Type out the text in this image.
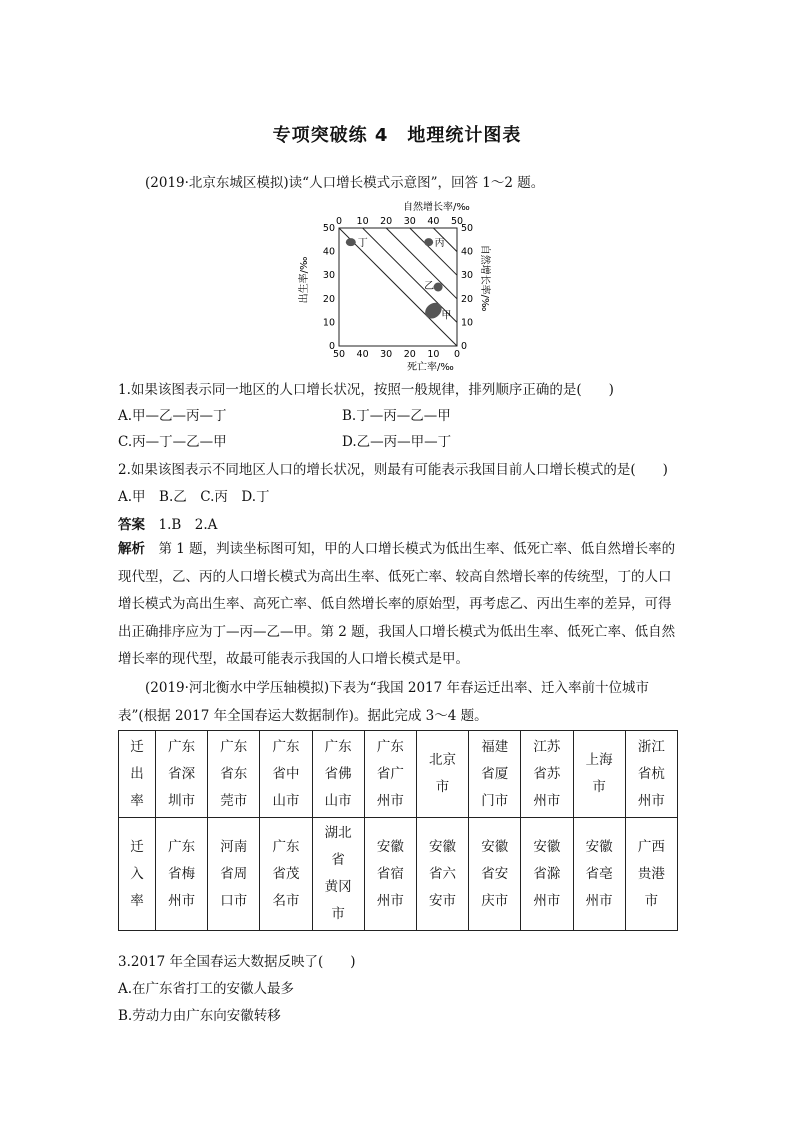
专项突破练 4　地理统计图表
(2019·北京东城区模拟)读“人口增长模式示意图”，回答 1～2 题。
自然增长率/‰
出生率/‰	自然增长率/‰
死亡率/‰
50 40 30 20 10 0
0
10
20
30
40
50
0 10 20 30 40 50
0
10
20
30
40
50
丁	丙
乙
甲
1.如果该图表示同一地区的人口增长状况，按照一般规律，排列顺序正确的是(　　)
A.甲—乙—丙—丁	B.丁—丙—乙—甲
C.丙—丁—乙—甲	D.乙—丙—甲—丁
2.如果该图表示不同地区人口的增长状况，则最有可能表示我国目前人口增长模式的是(　　)
A.甲　B.乙　C.丙　D.丁
答案　 1.B　2.A
解析　 第 1 题，判读坐标图可知，甲的人口增长模式为低出生率、低死亡率、低自然增长率的现代型，乙、丙的人口增长模式为高出生率、低死亡率、较高自然增长率的传统型，丁的人口增长模式为高出生率、高死亡率、低自然增长率的原始型，再考虑乙、丙出生率的差异，可得出正确排序应为丁—丙—乙—甲。第 2 题，我国人口增长模式为低出生率、低死亡率、低自然增长率的现代型，故最可能表示我国的人口增长模式是甲。
(2019·河北衡水中学压轴模拟)下表为“我国 2017 年春运迁出率、迁入率前十位城市表”(根据 2017 年全国春运大数据制作)。据此完成 3～4 题。
迁
出
率	广东
省深
圳市	广东
省东
莞市	广东
省中
山市	广东
省佛
山市	广东
省广
州市	北京
市	福建
省厦
门市	江苏
省苏
州市	上海
市	浙江
省杭
州市
迁
入
率	广东
省梅
州市	河南
省周
口市	广东
省茂
名市	湖北
省
黄冈
市	安徽
省宿
州市	安徽
省六
安市	安徽
省安
庆市	安徽
省滁
州市	安徽
省亳
州市	广西
贵港
市
3.2017 年全国春运大数据反映了(　　)
A.在广东省打工的安徽人最多
B.劳动力由广东向安徽转移
